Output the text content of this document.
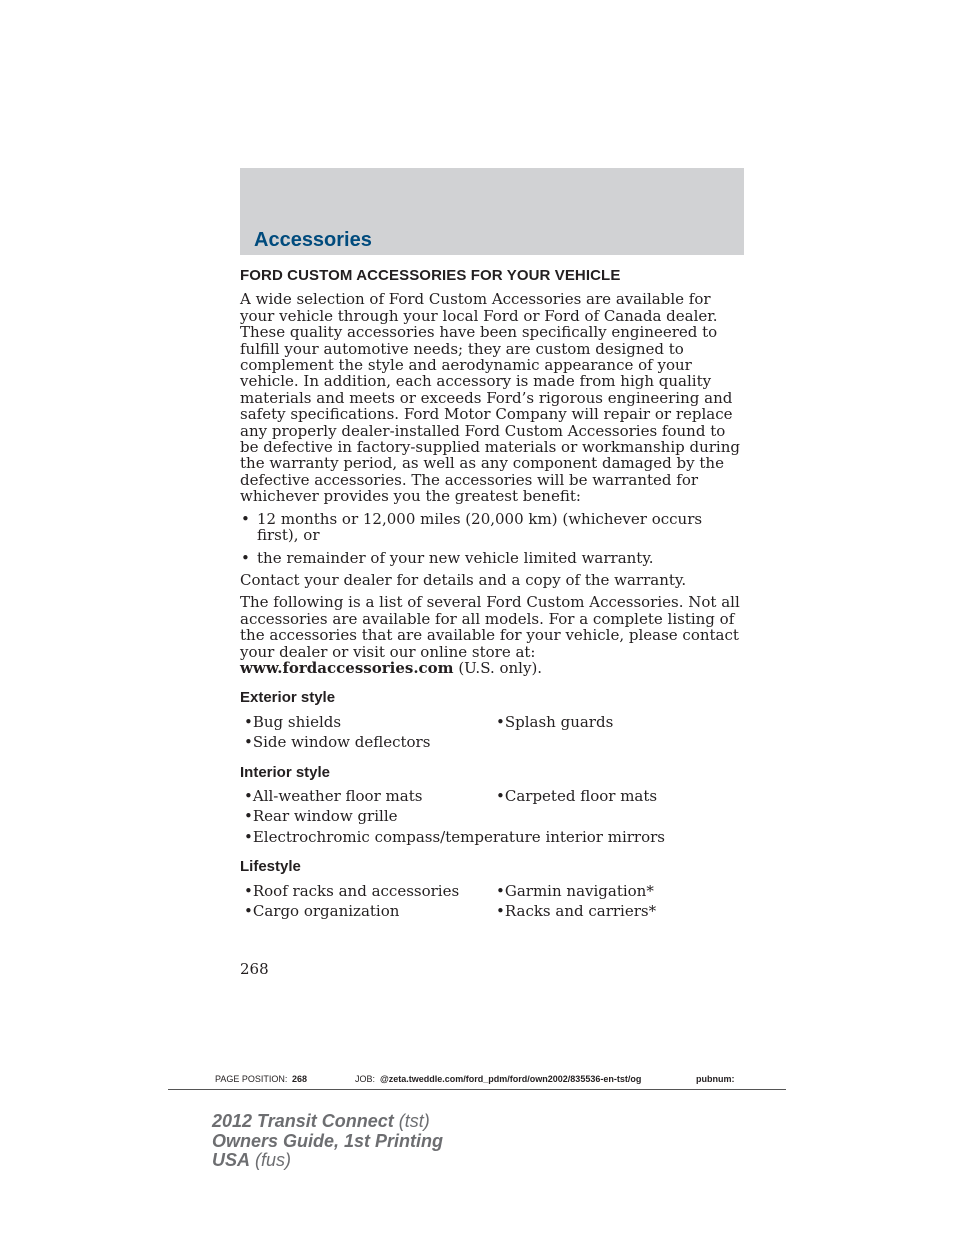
Accessories
FORD CUSTOM ACCESSORIES FOR YOUR VEHICLE

A wide selection of Ford Custom Accessories are available for your vehicle through your local Ford or Ford of Canada dealer. These quality accessories have been specifically engineered to fulfill your automotive needs; they are custom designed to complement the style and aerodynamic appearance of your vehicle. In addition, each accessory is made from high quality materials and meets or exceeds Ford’s rigorous engineering and safety specifications. Ford Motor Company will repair or replace any properly dealer-installed Ford Custom Accessories found to be defective in factory-supplied materials or workmanship during the warranty period, as well as any component damaged by the defective accessories. The accessories will be warranted for whichever provides you the greatest benefit:

• 12 months or 12,000 miles (20,000 km) (whichever occurs first), or
• the remainder of your new vehicle limited warranty.

Contact your dealer for details and a copy of the warranty.

The following is a list of several Ford Custom Accessories. Not all accessories are available for all models. For a complete listing of the accessories that are available for your vehicle, please contact your dealer or visit our online store at: www.fordaccessories.com (U.S. only).

Exterior style
•Bug shields	•Splash guards
•Side window deflectors
Interior style
•All-weather floor mats	•Carpeted floor mats
•Rear window grille
•Electrochromic compass/temperature interior mirrors
Lifestyle
•Roof racks and accessories	•Garmin navigation*
•Cargo organization	•Racks and carriers*
268
PAGE POSITION: 268	JOB: @zeta.tweddle.com/ford_pdm/ford/own2002/835536-en-tst/og	pubnum:
2012 Transit Connect (tst)
Owners Guide, 1st Printing
USA (fus)
